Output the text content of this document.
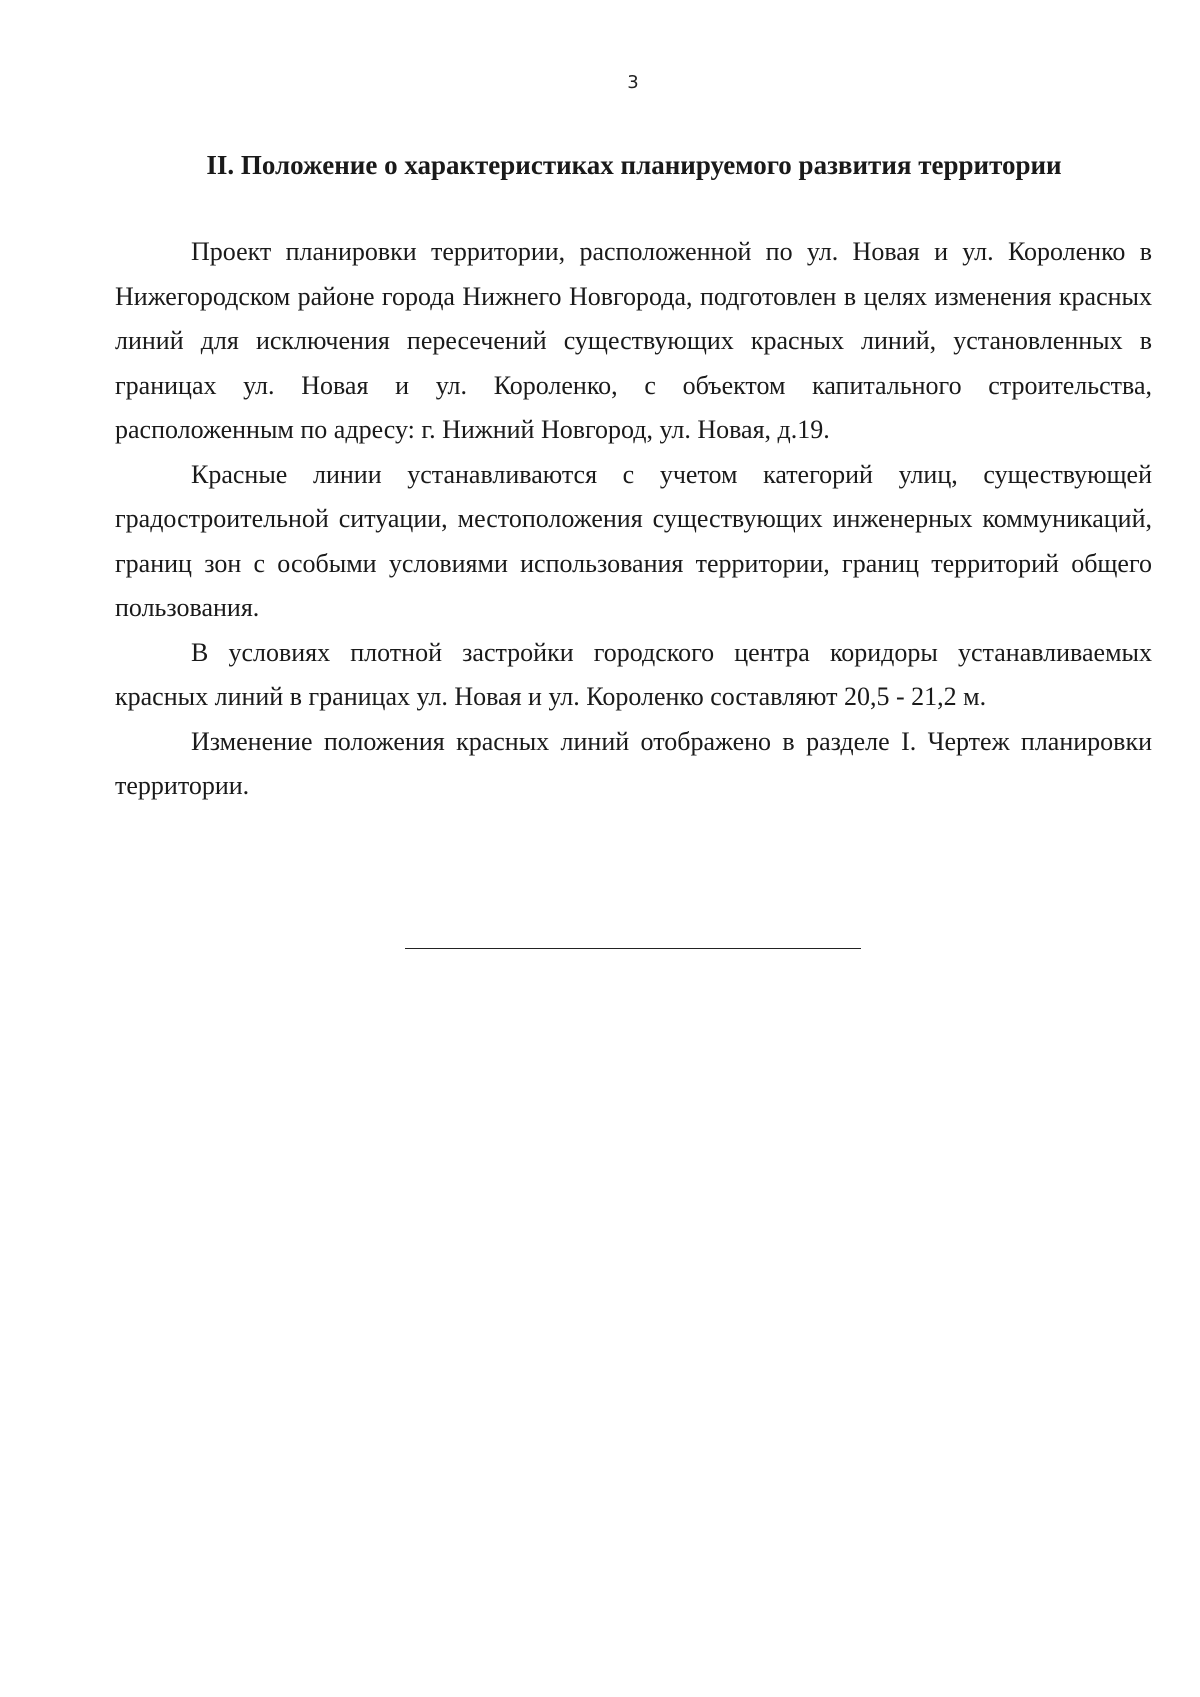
3
II. Положение о характеристиках планируемого развития территории

Проект планировки территории, расположенной по ул. Новая и ул. Короленко в Нижегородском районе города Нижнего Новгорода, подготовлен в целях изменения красных линий для исключения пересечений существующих красных линий, установленных в границах ул. Новая и ул. Короленко, с объектом капитального строительства, расположенным по адресу: г. Нижний Новгород, ул. Новая, д.19.

Красные линии устанавливаются с учетом категорий улиц, существующей градостроительной ситуации, местоположения существующих инженерных коммуникаций, границ зон с особыми условиями использования территории, границ территорий общего пользования.

В условиях плотной застройки городского центра коридоры устанавливаемых красных линий в границах ул. Новая и ул. Короленко составляют 20,5 - 21,2 м.

Изменение положения красных линий отображено в разделе I. Чертеж планировки территории.
